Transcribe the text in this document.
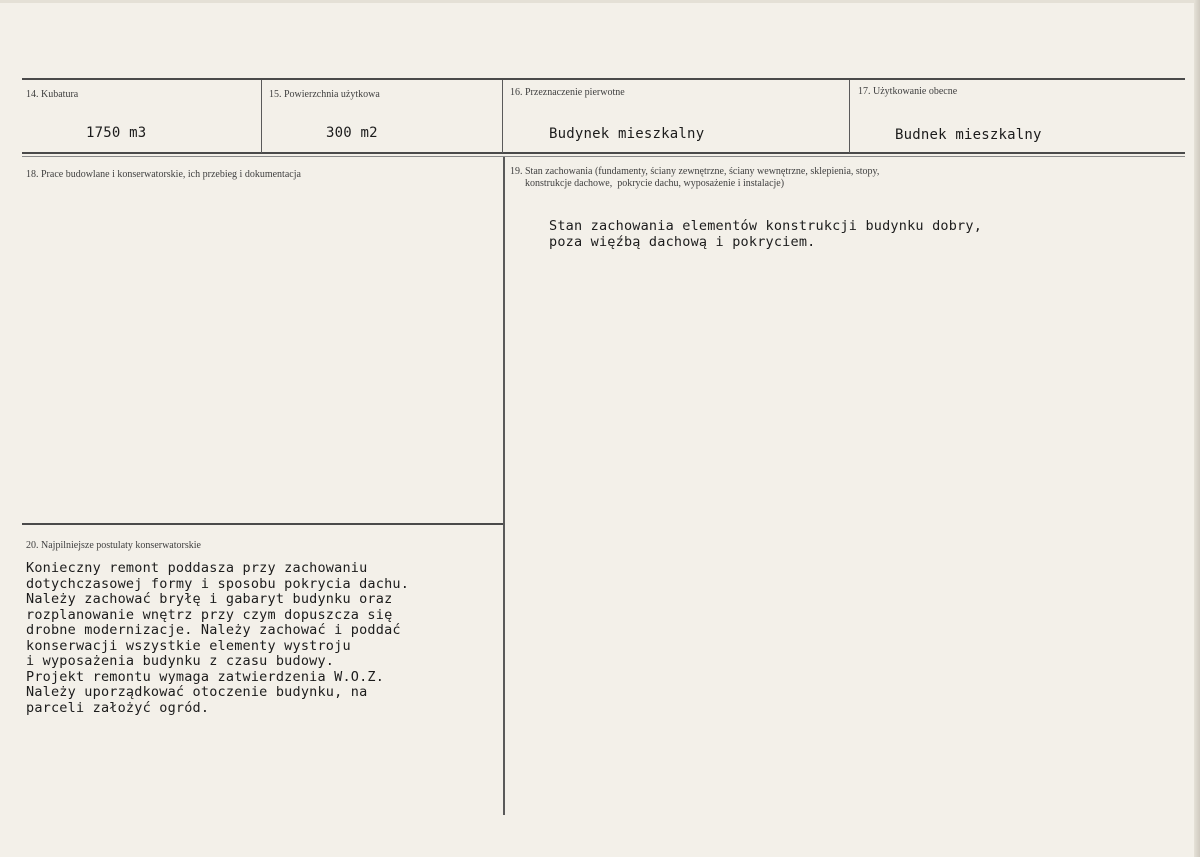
14. Kubatura
1750 m3
15. Powierzchnia użytkowa
300 m2
16. Przeznaczenie pierwotne
Budynek mieszkalny
17. Użytkowanie obecne
Budnek mieszkalny
18. Prace budowlane i konserwatorskie, ich przebieg i dokumentacja	19. Stan zachowania (fundamenty, ściany zewnętrzne, ściany wewnętrzne, sklepienia, stopy,
konstrukcje dachowe,  pokrycie dachu, wyposażenie i instalacje)
Stan zachowania elementów konstrukcji budynku dobry,
poza więźbą dachową i pokryciem.
20. Najpilniejsze postulaty konserwatorskie
Konieczny remont poddasza przy zachowaniu
dotychczasowej formy i sposobu pokrycia dachu.
Należy zachować bryłę i gabaryt budynku oraz
rozplanowanie wnętrz przy czym dopuszcza się
drobne modernizacje. Należy zachować i poddać
konserwacji wszystkie elementy wystroju
i wyposażenia budynku z czasu budowy.
Projekt remontu wymaga zatwierdzenia W.O.Z.
Należy uporządkować otoczenie budynku, na
parceli założyć ogród.
